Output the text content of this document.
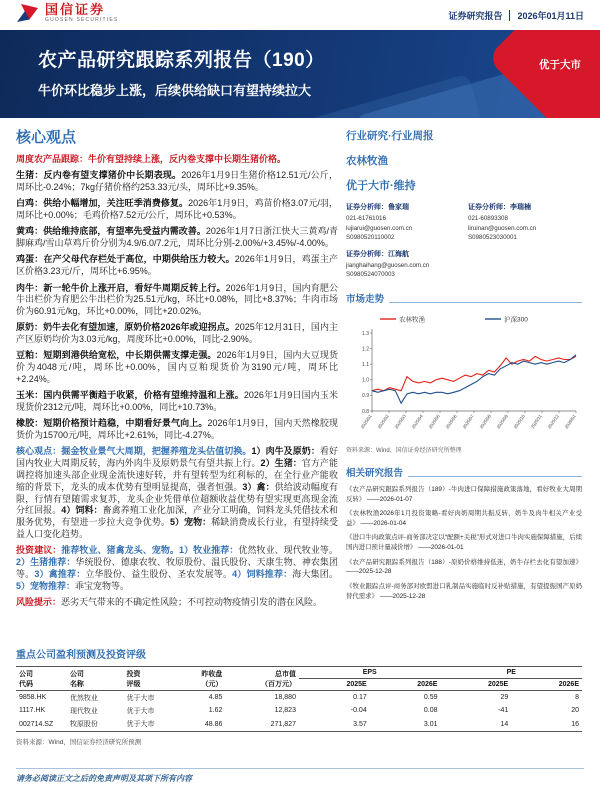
国信证券
GUOSEN SECURITIES	证券研究报告 2026年01月11日
农产品研究跟踪系列报告（190）
牛价环比稳步上涨，后续供给缺口有望持续拉大
优于大市
核心观点

周度农产品跟踪：牛价有望持续上涨，反内卷支撑中长期生猪价格。

生猪：反内卷有望支撑猪价中长期表现。2026年1月9日生猪价格12.51元/公斤，周环比-0.24%；7kg仔猪价格约253.33元/头，周环比+9.35%。

白鸡：供给小幅增加，关注旺季消费修复。2026年1月9日，鸡苗价格3.07元/羽，周环比+0.00%；毛鸡价格7.52元/公斤，周环比+0.53%。

黄鸡：供给维持底部，有望率先受益内需改善。2026年1月7日浙江快大三黄鸡/青脚麻鸡/雪山草鸡斤价分别为4.9/6.0/7.2元，周环比分别-2.00%/+3.45%/-4.00%。

鸡蛋：在产父母代存栏处于高位，中期供给压力较大。2026年1月9日，鸡蛋主产区价格3.23元/斤，周环比+6.95%。

肉牛：新一轮牛价上涨开启，看好牛周期反转上行。2026年1月9日，国内育肥公牛出栏价为育肥公牛出栏价为25.51元/kg，环比+0.08%，同比+8.37%；牛肉市场价为60.91元/kg，环比+0.00%，同比+20.02%。

原奶：奶牛去化有望加速，原奶价格2026年或迎拐点。2025年12月31日，国内主产区原奶均价为3.03元/kg，周度环比+0.00%，同比-2.90%。

豆粕：短期到港供给宽松，中长期供需支撑走强。2026年1月9日，国内大豆现货价为4048元/吨，周环比+0.00%，国内豆粕现货价为3190元/吨，周环比+2.24%。

玉米：国内供需平衡趋于收紧，价格有望维持温和上涨。2026年1月9日国内玉米现货价2312元/吨，周环比+0.00%，同比+10.73%。

橡胶：短期价格预计趋稳，中期看好景气向上。2026年1月9日，国内天然橡胶现货价为15700元/吨，周环比+2.61%，同比-4.27%。

核心观点：掘金牧业景气大周期，把握养殖龙头估值切换。1）肉牛及原奶：看好国内牧业大周期反转，海内外肉牛及原奶景气有望共振上行。2）生猪：官方产能调控将加速头部企业现金流快速好转，并有望转型为红利标的，在全行业产能收缩的背景下，龙头的成本优势有望明显提高，强者恒强。3）禽：供给波动幅度有限，行情有望随需求复苏，龙头企业凭借单位超额收益优势有望实现更高现金流分红回报。4）饲料：畜禽养殖工业化加深，产业分工明确，饲料龙头凭借技术和服务优势，有望进一步拉大竞争优势。5）宠物：稀缺消费成长行业，有望持续受益人口变化趋势。

投资建议：推荐牧业、猪禽龙头、宠物。1）牧业推荐：优然牧业、现代牧业等。2）生猪推荐：华统股份、德康农牧、牧原股份、温氏股份、天康生物、神农集团等。3）禽推荐：立华股份、益生股份、圣农发展等。4）饲料推荐：海大集团。5）宠物推荐：乖宝宠物等。

风险提示：恶劣天气带来的不确定性风险；不可控动物疫情引发的潜在风险。

重点公司盈利预测及投资评级
公司
代码

公司
名称

投资
评级

昨收盘
（元）

总市值
（百万元）
	EPS	PE
					2025E	2026E	2025E	2026E
9858.HK	优然牧业	优于大市	4.85	18,880	0.17	0.59	29	8
1117.HK	现代牧业	优于大市	1.62	12,823	-0.04	0.08	-41	20
002714.SZ	牧原股份	优于大市	48.86	271,827	3.57	3.01	14	16
资料来源：Wind、国信证券经济研究所预测
行业研究·行业周报
农林牧渔
优于大市·维持
证券分析师：鲁家瑞
021-61761016
lujiarui@guosen.com.cn
S0980520110002
证券分析师：李瑞楠
021-60893308
liruinan@guosen.com.cn
S0980523030001
证券分析师：江海航
jianghaihang@guosen.com.cn
S0980524070003
市场走势
农林牧渔	沪深300
0.8
0.9
1.0
1.1
1.2
1.3
2025/01 2025/02 2025/03 2025/04 2025/05 2025/06 2025/07 2025/08 2025/09 2025/10 2025/11 2025/12 2026/01
资料来源：Wind、国信证券经济研究所整理
相关研究报告
《农产品研究跟踪系列报告（189）-牛肉进口保障措施政策落地，看好牧业大周期反转》 ——2026-01-07
《农林牧渔2026年1月投资策略-看好肉奶周期共振反转，奶牛及肉牛相关产业受益》 ——2026-01-04
《进口牛肉政策点评-商务部决定以“配额+关税”形式对进口牛肉实施保障措施，后续国内进口预计量减价增》 ——2026-01-01
《农产品研究跟踪系列报告（188）-原奶价格维持低迷，奶牛存栏去化有望加速》 ——2025-12-28
《牧业跟踪点评-商务部对欧盟进口乳制品实施临时反补贴措施，有望提振国产原奶替代需求》 ——2025-12-28
请务必阅读正文之后的免责声明及其项下所有内容
